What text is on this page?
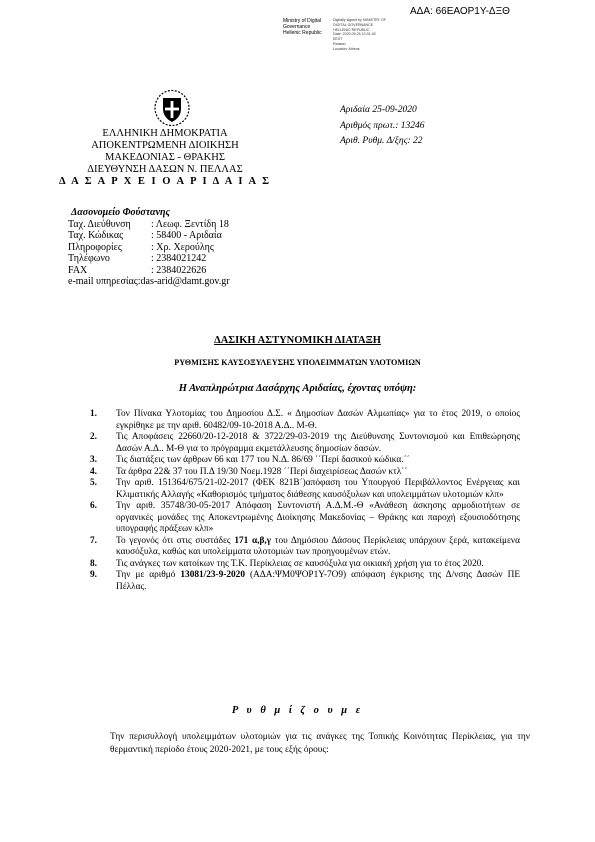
ΑΔΑ: 66ΕΑΟΡ1Υ-ΔΞΘ
Ministry of Digital
Governance
Hellenic Republic
Digitally signed by MINISTRY OF
DIGITAL GOVERNANCE
HELLENIC REPUBLIC
Date: 2020.09.25 10:31:45
EEST
Reason:
Location: Athens
ΕΛΛΗΝΙΚΗ ΔΗΜΟΚΡΑΤΙΑ
ΑΠΟΚΕΝΤΡΩΜΕΝΗ ΔΙΟΙΚΗΣΗ
ΜΑΚΕΔΟΝΙΑΣ - ΘΡΑΚΗΣ
ΔΙΕΥΘΥΝΣΗ ΔΑΣΩΝ Ν. ΠΕΛΛΑΣ
Δ Α Σ Α Ρ Χ Ε Ι Ο Α Ρ Ι Δ Α Ι Α Σ
Αριδαία 25-09-2020
Αριθμός πρωτ.: 13246
Αριθ. Ρυθμ. Δ/ξης: 22
Δασονομείο Φούστανης
Ταχ. Διεύθυνση : Λεωφ. Ξεντίδη 18
Ταχ. Κώδικας	: 58400 - Αριδαία
Πληροφορίες	: Χρ. Χερούλης
Τηλέφωνο	: 2384021242
FAX	: 2384022626
e-mail υπηρεσίας:das-arid@damt.gov.gr
ΔΑΣΙΚΗ ΑΣΤΥΝΟΜΙΚΗ ΔΙΑΤΑΞΗ
ΡΥΘΜΙΣΗΣ ΚΑΥΣΟΞΥΛΕΥΣΗΣ ΥΠΟΛΕΙΜΜΑΤΩΝ ΥΛΟΤΟΜΙΩΝ
Η Αναπληρώτρια Δασάρχης Αριδαίας, έχοντας υπόψη:
1. Τον Πίνακα Υλοτομίας του Δημοσίου Δ.Σ. « Δημοσίων Δασών Αλμωπίας» για το έτος 2019, ο οποίος εγκρίθηκε με την αριθ. 60482/09-10-2018 Α.Δ.. Μ-Θ.
2. Τις Αποφάσεις 22660/20-12-2018 & 3722/29-03-2019 της Διεύθυνσης Συντονισμού και Επιθεώρησης Δασών Α.Δ.. Μ-Θ για το πρόγραμμα εκμετάλλευσης δημοσίων δασών.
3. Τις διατάξεις των άρθρων 66 και 177 του Ν.Δ. 86/69 ΄΄Περί δασικού κώδικα.΄΄
4. Τα άρθρα 22& 37 του Π.Δ 19/30 Νοεμ.1928 ΄΄Περί διαχειρίσεως Δασών κτλ΄΄
5. Την αριθ. 151364/675/21-02-2017 (ΦΕΚ 821Β΄)απόφαση του Υπουργού Περιβάλλοντος Ενέργειας και Κλιματικής Αλλαγής «Καθορισμός τμήματος διάθεσης καυσόξυλων και υπολειμμάτων υλοτομιών κλπ»
6. Την αριθ. 35748/30-05-2017 Απόφαση Συντονιστή Α.Δ.Μ.-Θ «Ανάθεση άσκησης αρμοδιοτήτων σε οργανικές μονάδες της Αποκεντρωμένης Διοίκησης Μακεδονίας – Θράκης και παροχή εξουσιοδότησης υπογραφής πράξεων κλπ»
7. Το γεγονός ότι στις συστάδες 171 α,β,γ του Δημόσιου Δάσους Περίκλειας υπάρχουν ξερά, κατακείμενα καυσόξυλα, καθώς και υπολείμματα υλοτομιών των προηγουμένων ετών.
8. Τις ανάγκες των κατοίκων της Τ.Κ. Περίκλειας σε καυσόξυλα για οικιακή χρήση για το έτος 2020.
9. Την με αριθμό 13081/23-9-2020 (ΑΔΑ:ΨΜ0ΨΟΡ1Υ-7Ο9) απόφαση έγκρισης της Δ/νσης Δασών ΠΕ Πέλλας.
Ρ υ θ μ ί ζ ο υ μ ε
Την περισυλλογή υπολειμμάτων υλοτομιών για τις ανάγκες της Τοπικής Κοινότητας Περίκλειας, για την θερμαντική περίοδο έτους 2020-2021, με τους εξής όρους:
